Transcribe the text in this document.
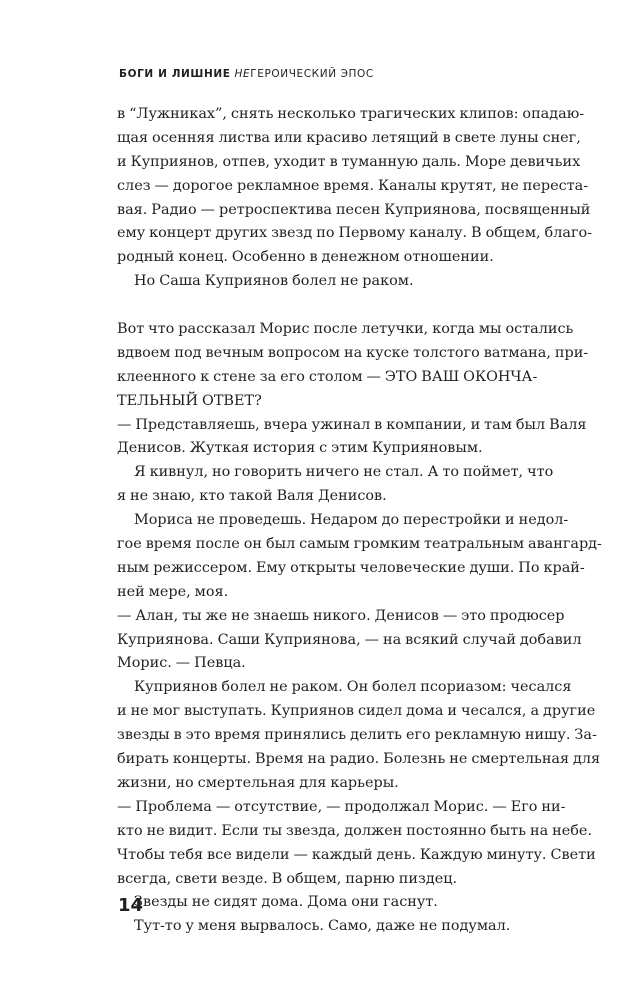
БОГИ И ЛИШНИЕ НЕГЕРОИЧЕСКИЙ ЭПОС
в “Лужниках”, снять несколько трагических клипов: опадаю-
щая осенняя листва или красиво летящий в свете луны снег,
и Куприянов, отпев, уходит в туманную даль. Море девичьих
слез — дорогое рекламное время. Каналы крутят, не переста-
вая. Радио — ретроспектива песен Куприянова, посвященный
ему концерт других звезд по Первому каналу. В общем, благо-
родный конец. Особенно в денежном отношении.
Но Саша Куприянов болел не раком.
Вот что рассказал Морис после летучки, когда мы остались
вдвоем под вечным вопросом на куске толстого ватмана, при-
клеенного к стене за его столом — ЭТО ВАШ ОКОНЧА-
ТЕЛЬНЫЙ ОТВЕТ?
— Представляешь, вчера ужинал в компании, и там был Валя
Денисов. Жуткая история с этим Куприяновым.
Я кивнул, но говорить ничего не стал. А то поймет, что
я не знаю, кто такой Валя Денисов.
Мориса не проведешь. Недаром до перестройки и недол-
гое время после он был самым громким театральным авангард-
ным режиссером. Ему открыты человеческие души. По край-
ней мере, моя.
— Алан, ты же не знаешь никого. Денисов — это продюсер
Куприянова. Саши Куприянова, — на всякий случай добавил
Морис. — Певца.
Куприянов болел не раком. Он болел псориазом: чесался
и не мог выступать. Куприянов сидел дома и чесался, а другие
звезды в это время принялись делить его рекламную нишу. За-
бирать концерты. Время на радио. Болезнь не смертельная для
жизни, но смертельная для карьеры.
— Проблема — отсутствие, — продолжал Морис. — Его ни-
кто не видит. Если ты звезда, должен постоянно быть на небе.
Чтобы тебя все видели — каждый день. Каждую минуту. Свети
всегда, свети везде. В общем, парню пиздец.
Звезды не сидят дома. Дома они гаснут.
Тут-то у меня вырвалось. Само, даже не подумал.
14
